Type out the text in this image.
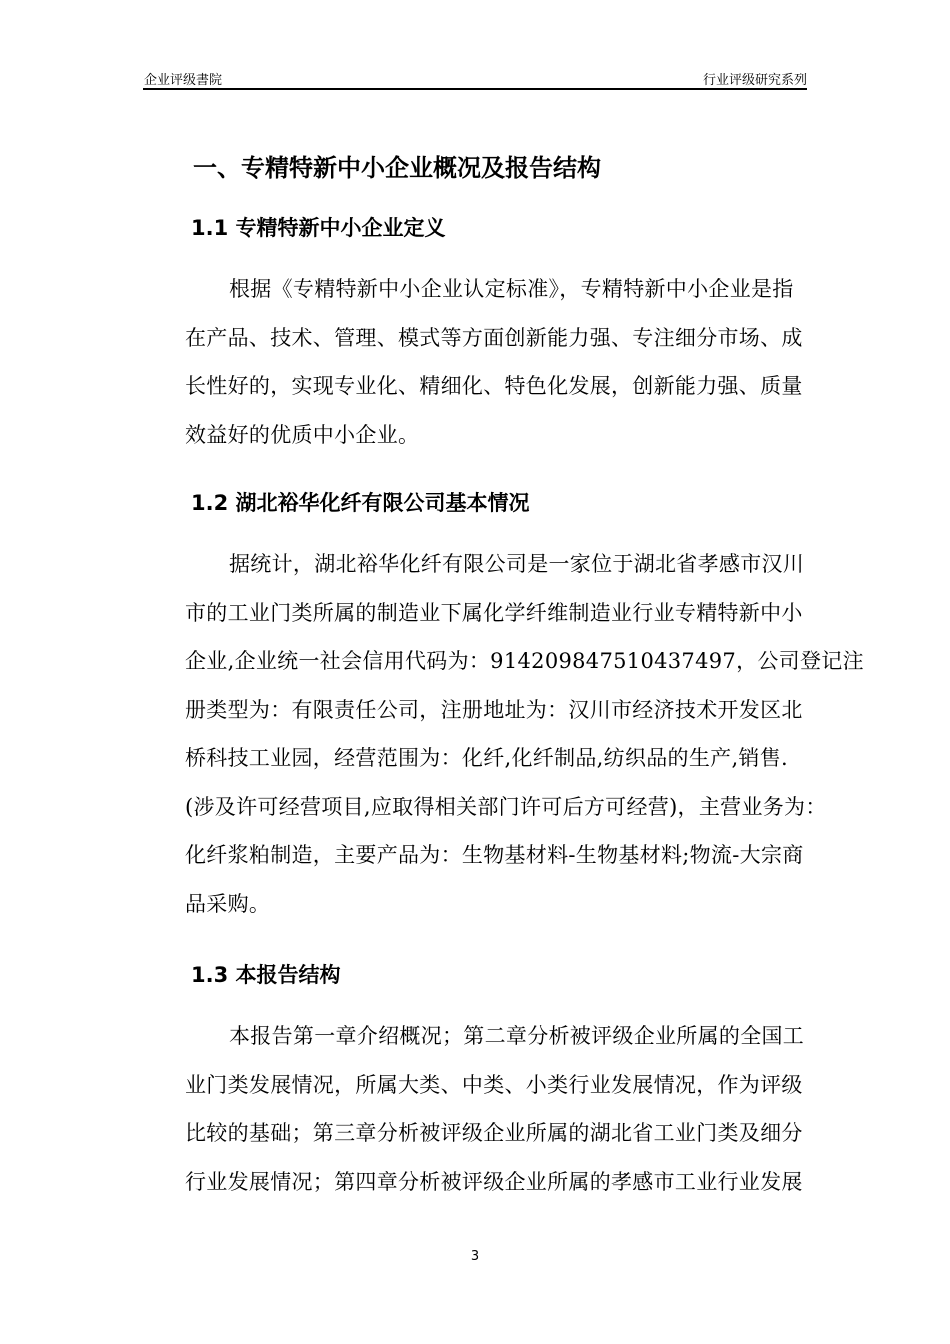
企业评级書院	行业评级研究系列
一、专精特新中小企业概况及报告结构
1.1 专精特新中小企业定义
根据《专精特新中小企业认定标准》，专精特新中小企业是指
在产品、技术、管理、模式等方面创新能力强、专注细分市场、成
长性好的，实现专业化、精细化、特色化发展，创新能力强、质量
效益好的优质中小企业。
1.2 湖北裕华化纤有限公司基本情况
据统计，湖北裕华化纤有限公司是一家位于湖北省孝感市汉川
市的工业门类所属的制造业下属化学纤维制造业行业专精特新中小
企业,企业统一社会信用代码为：914209847510437497，公司登记注
册类型为：有限责任公司，注册地址为：汉川市经济技术开发区北
桥科技工业园，经营范围为：化纤,化纤制品,纺织品的生产,销售.
(涉及许可经营项目,应取得相关部门许可后方可经营)，主营业务为：
化纤浆粕制造，主要产品为：生物基材料-生物基材料;物流-大宗商
品采购。
1.3 本报告结构
本报告第一章介绍概况；第二章分析被评级企业所属的全国工
业门类发展情况，所属大类、中类、小类行业发展情况，作为评级
比较的基础；第三章分析被评级企业所属的湖北省工业门类及细分
行业发展情况；第四章分析被评级企业所属的孝感市工业行业发展
3
